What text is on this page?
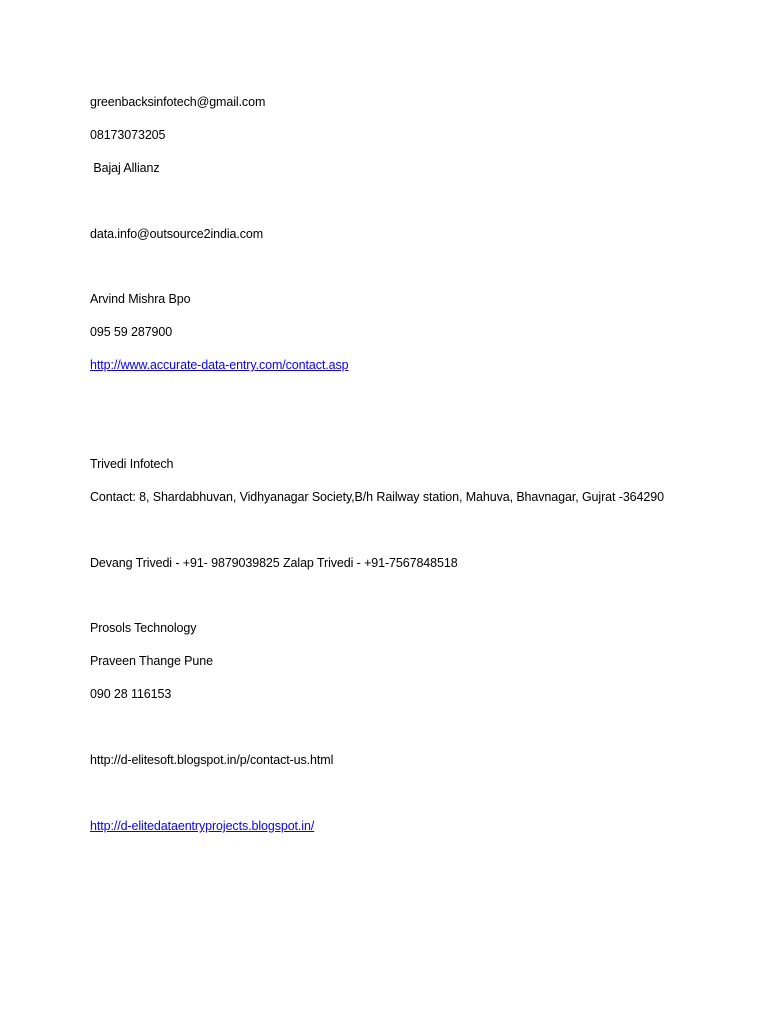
greenbacksinfotech@gmail.com
08173073205
Bajaj Allianz
data.info@outsource2india.com
Arvind Mishra Bpo
095 59 287900
http://www.accurate-data-entry.com/contact.asp
Trivedi Infotech
Contact: 8, Shardabhuvan, Vidhyanagar Society,B/h Railway station, Mahuva, Bhavnagar, Gujrat -364290
Devang Trivedi - +91- 9879039825 Zalap Trivedi - +91-7567848518
Prosols Technology
Praveen Thange Pune
090 28 116153
http://d-elitesoft.blogspot.in/p/contact-us.html
http://d-elitedataentryprojects.blogspot.in/
